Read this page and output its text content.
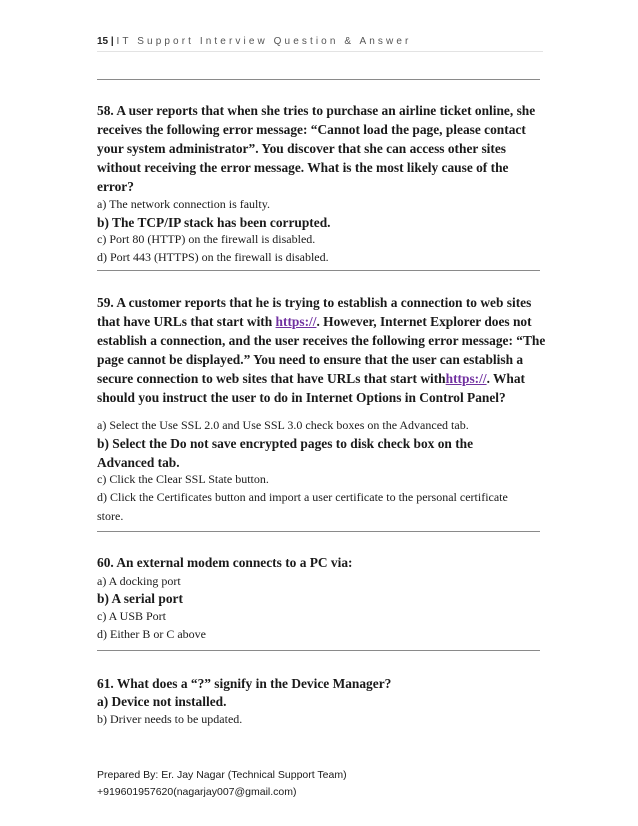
15 | IT Support Interview Question & Answer

58. A user reports that when she tries to purchase an airline ticket online, she receives the following error message: “Cannot load the page, please contact your system administrator”. You discover that she can access other sites without receiving the error message. What is the most likely cause of the error?

a) The network connection is faulty.

b) The TCP/IP stack has been corrupted.

c) Port 80 (HTTP) on the firewall is disabled.

d) Port 443 (HTTPS) on the firewall is disabled.

59. A customer reports that he is trying to establish a connection to web sites that have URLs that start with https://. However, Internet Explorer does not establish a connection, and the user receives the following error message: “The page cannot be displayed.” You need to ensure that the user can establish a secure connection to web sites that have URLs that start withhttps://. What should you instruct the user to do in Internet Options in Control Panel?

a) Select the Use SSL 2.0 and Use SSL 3.0 check boxes on the Advanced tab.

b) Select the Do not save encrypted pages to disk check box on the Advanced tab.

c) Click the Clear SSL State button.

d) Click the Certificates button and import a user certificate to the personal certificate store.

60. An external modem connects to a PC via:

a) A docking port

b) A serial port

c) A USB Port

d) Either B or C above

61. What does a “?” signify in the Device Manager?

a) Device not installed.

b) Driver needs to be updated.

Prepared By: Er. Jay Nagar (Technical Support Team)
+919601957620(nagarjay007@gmail.com)
